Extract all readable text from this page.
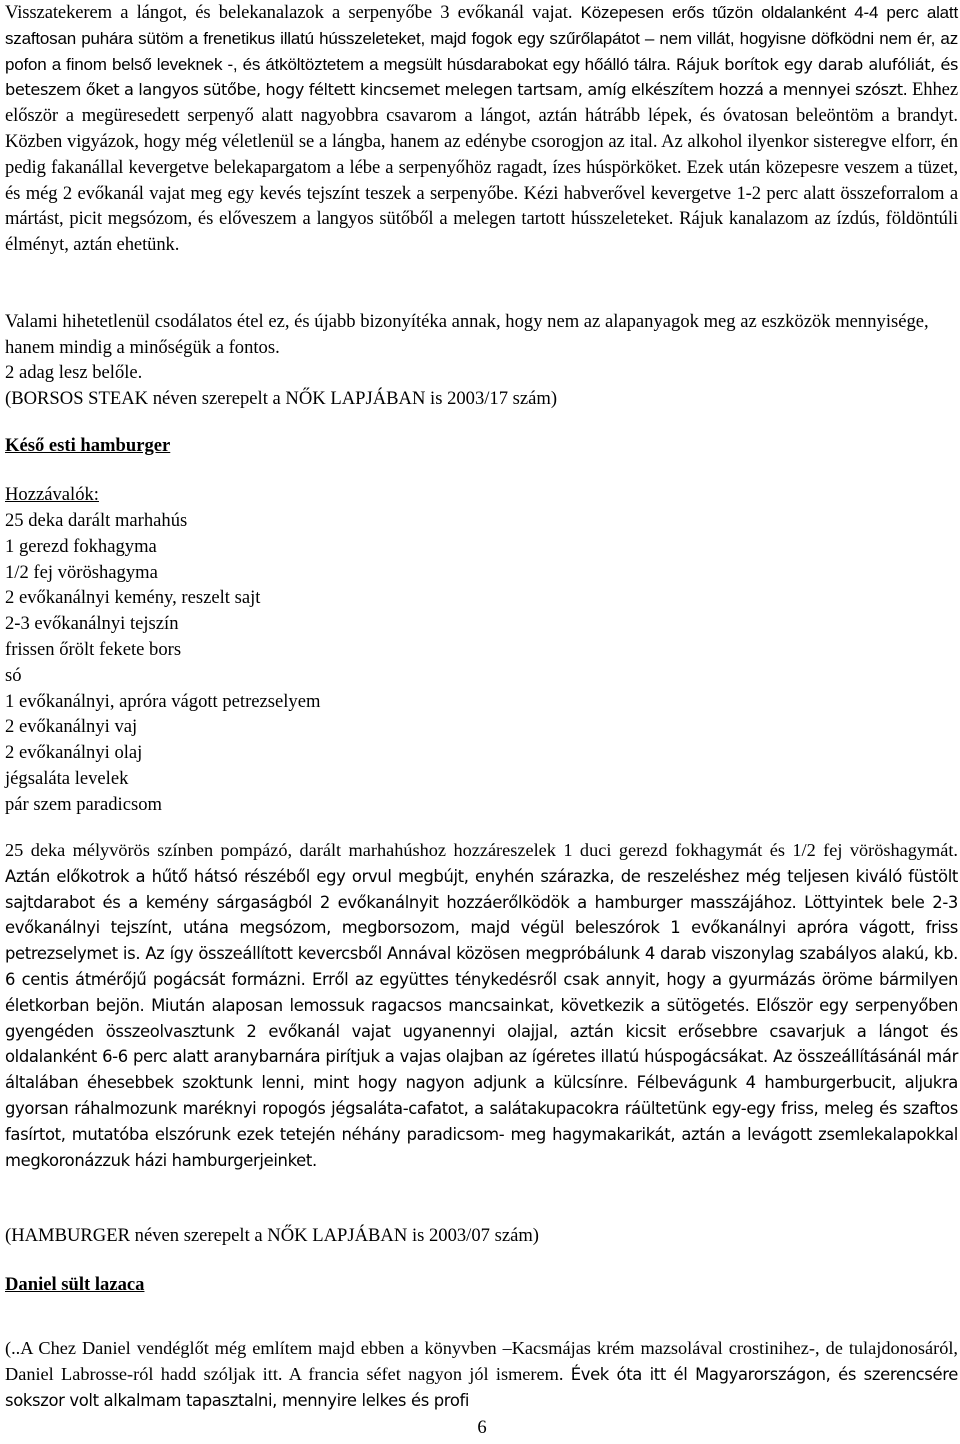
Visszatekerem a lángot, és belekanalazok a serpenyőbe 3 evőkanál vajat. Közepesen erős tűzön oldalanként 4-4 perc alatt szaftosan puhára sütöm a frenetikus illatú hússzeleteket, majd fogok egy szűrőlapátot – nem villát, hogyisne döfködni nem ér, az pofon a finom belső leveknek -, és átköltöztetem a megsült húsdarabokat egy hőálló tálra. Rájuk borítok egy darab alufóliát, és beteszem őket a langyos sütőbe, hogy féltett kincsemet melegen tartsam, amíg elkészítem hozzá a mennyei szószt. Ehhez először a megüresedett serpenyő alatt nagyobbra csavarom a lángot, aztán hátrább lépek, és óvatosan beleöntöm a brandyt. Közben vigyázok, hogy még véletlenül se a lángba, hanem az edénybe csorogjon az ital. Az alkohol ilyenkor sisteregve elforr, én pedig fakanállal kevergetve belekapargatom a lébe a serpenyőhöz ragadt, ízes húspörköket. Ezek után közepesre veszem a tüzet, és még 2 evőkanál vajat meg egy kevés tejszínt teszek a serpenyőbe. Kézi habverővel kevergetve 1-2 perc alatt összeforralom a mártást, picit megsózom, és előveszem a langyos sütőből a melegen tartott hússzeleteket. Rájuk kanalazom az ízdús, földöntúli élményt, aztán ehetünk.

Valami hihetetlenül csodálatos étel ez, és újabb bizonyítéka annak, hogy nem az alapanyagok meg az eszközök mennyisége, hanem mindig a minőségük a fontos.
2 adag lesz belőle.
(BORSOS STEAK néven szerepelt a NŐK LAPJÁBAN is 2003/17 szám)
Késő esti hamburger
Hozzávalók:
25 deka darált marhahús
1 gerezd fokhagyma
1/2 fej vöröshagyma
2 evőkanálnyi kemény, reszelt sajt
2-3 evőkanálnyi tejszín
frissen őrölt fekete bors
só
1 evőkanálnyi, apróra vágott petrezselyem
2 evőkanálnyi vaj
2 evőkanálnyi olaj
jégsaláta levelek
pár szem paradicsom

25 deka mélyvörös színben pompázó, darált marhahúshoz hozzáreszelek 1 duci gerezd fokhagymát és 1/2 fej vöröshagymát. Aztán előkotrok a hűtő hátsó részéből egy orvul megbújt, enyhén szárazka, de reszeléshez még teljesen kiváló füstölt sajtdarabot és a kemény sárgaságból 2 evőkanálnyit hozzáerőlködök a hamburger masszájához. Löttyintek bele 2-3 evőkanálnyi tejszínt, utána megsózom, megborsozom, majd végül beleszórok 1 evőkanálnyi apróra vágott, friss petrezselymet is. Az így összeállított kevercsből Annával közösen megpróbálunk 4 darab viszonylag szabályos alakú, kb. 6 centis átmérőjű pogácsát formázni. Erről az együttes ténykedésről csak annyit, hogy a gyurmázás öröme bármilyen életkorban bejön. Miután alaposan lemossuk ragacsos mancsainkat, következik a sütögetés. Először egy serpenyőben gyengéden összeolvasztunk 2 evőkanál vajat ugyanennyi olajjal, aztán kicsit erősebbre csavarjuk a lángot és oldalanként 6-6 perc alatt aranybarnára pirítjuk a vajas olajban az ígéretes illatú húspogácsákat. Az összeállításánál már általában éhesebbek szoktunk lenni, mint hogy nagyon adjunk a külcsínre. Félbevágunk 4 hamburgerbucit, aljukra gyorsan ráhalmozunk maréknyi ropogós jégsaláta-cafatot, a salátakupacokra ráültetünk egy-egy friss, meleg és szaftos fasírtot, mutatóba elszórunk ezek tetején néhány paradicsom- meg hagymakarikát, aztán a levágott zsemlekalapokkal megkoronázzuk házi hamburgerjeinket.

(HAMBURGER néven szerepelt a NŐK LAPJÁBAN is 2003/07 szám)
Daniel sült lazaca

(..A Chez Daniel vendéglőt még említem majd ebben a könyvben –Kacsmájas krém mazsolával crostinihez-, de tulajdonosáról, Daniel Labrosse-ról hadd szóljak itt. A francia séfet nagyon jól ismerem. Évek óta itt él Magyarországon, és szerencsére sokszor volt alkalmam tapasztalni, mennyire lelkes és profi

6
